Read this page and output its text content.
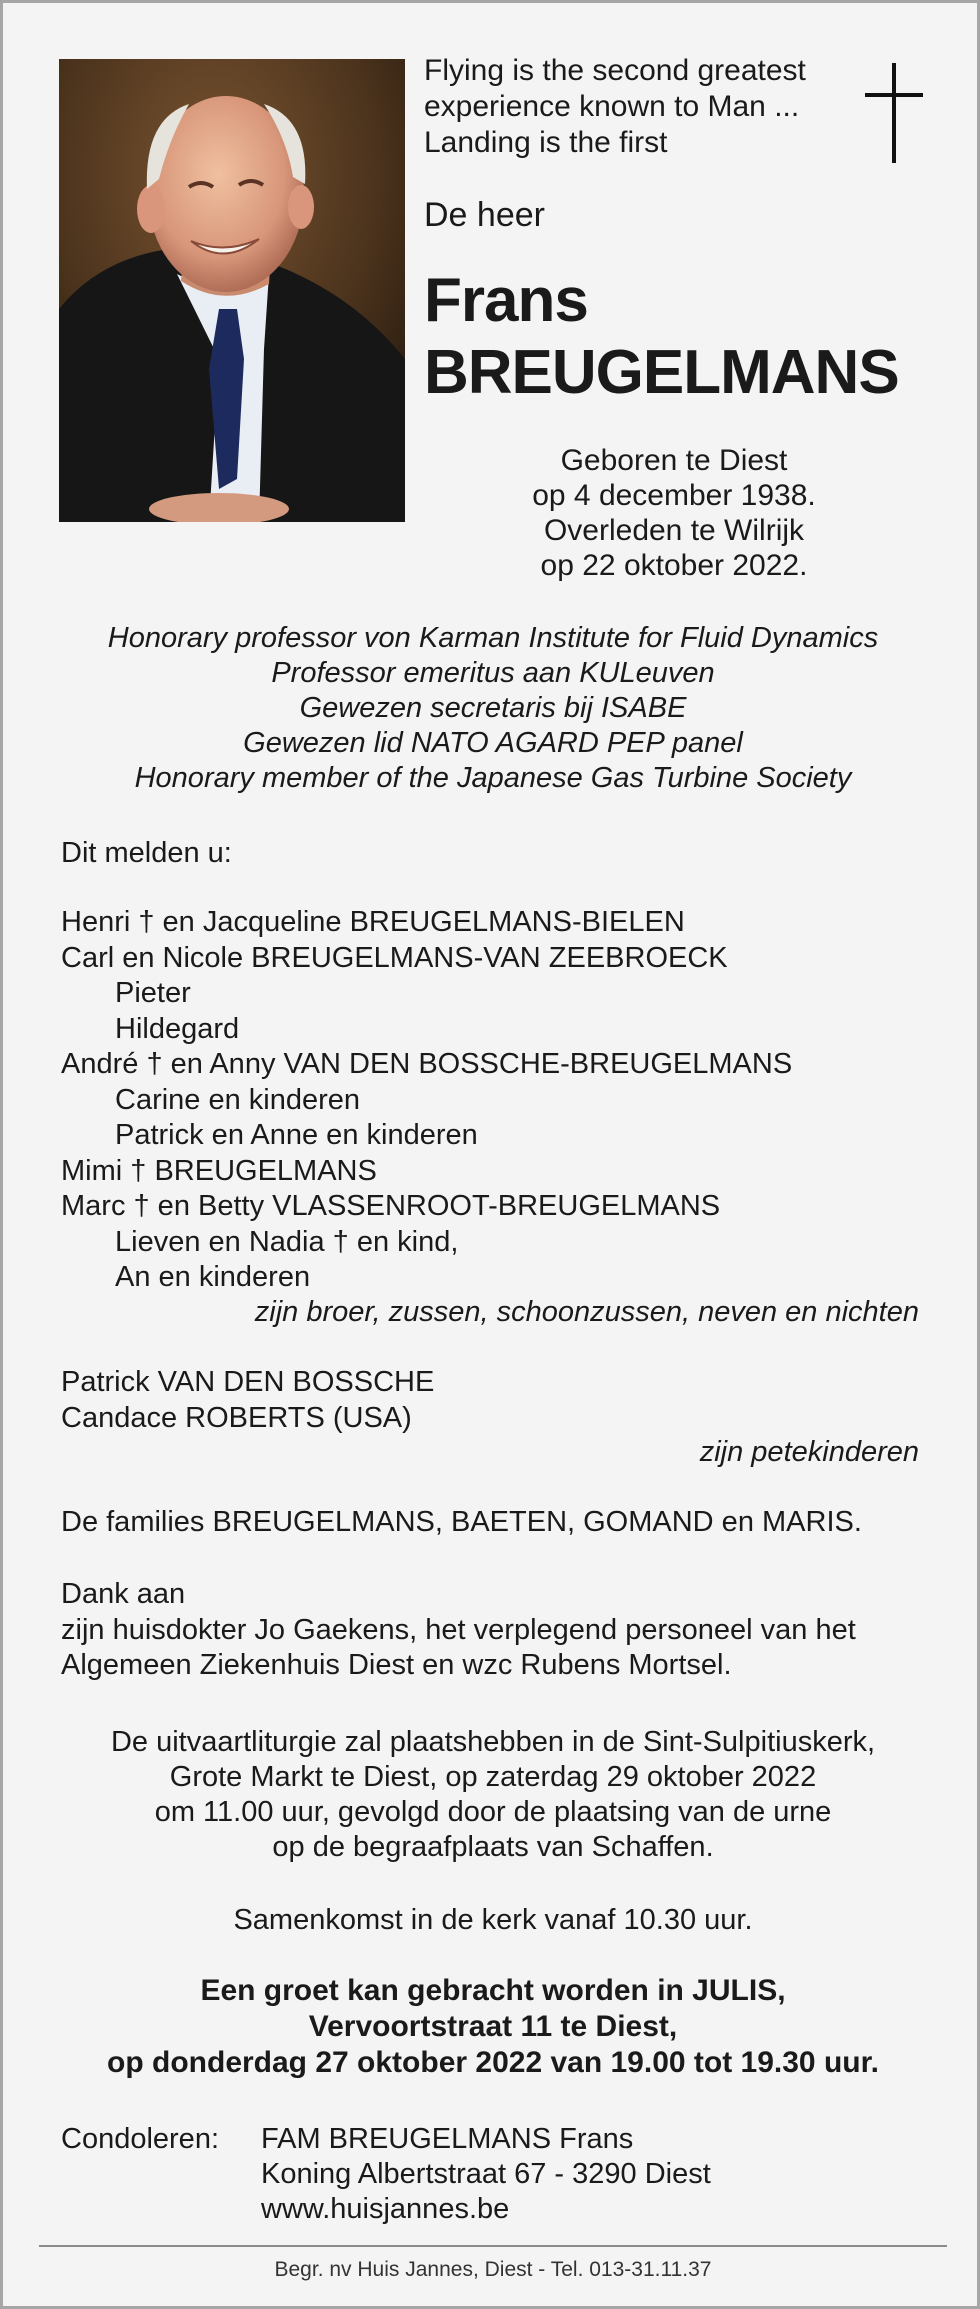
Flying is the second greatest
experience known to Man ...
Landing is the first
De heer
Frans
BREUGELMANS
Geboren te Diest
op 4 december 1938.
Overleden te Wilrijk
op 22 oktober 2022.
Honorary professor von Karman Institute for Fluid Dynamics
Professor emeritus aan KULeuven
Gewezen secretaris bij ISABE
Gewezen lid NATO AGARD PEP panel
Honorary member of the Japanese Gas Turbine Society
Dit melden u:
Henri † en Jacqueline BREUGELMANS-BIELEN
Carl en Nicole BREUGELMANS-VAN ZEEBROECK
Pieter
Hildegard
André † en Anny VAN DEN BOSSCHE-BREUGELMANS
Carine en kinderen
Patrick en Anne en kinderen
Mimi † BREUGELMANS
Marc † en Betty VLASSENROOT-BREUGELMANS
Lieven en Nadia † en kind,
An en kinderen
zijn broer, zussen, schoonzussen, neven en nichten
Patrick VAN DEN BOSSCHE
Candace ROBERTS (USA)
zijn petekinderen
De families BREUGELMANS, BAETEN, GOMAND en MARIS.
Dank aan
zijn huisdokter Jo Gaekens, het verplegend personeel van het
Algemeen Ziekenhuis Diest en wzc Rubens Mortsel.
De uitvaartliturgie zal plaatshebben in de Sint-Sulpitiuskerk,
Grote Markt te Diest, op zaterdag 29 oktober 2022
om 11.00 uur, gevolgd door de plaatsing van de urne
op de begraafplaats van Schaffen.
Samenkomst in de kerk vanaf 10.30 uur.
Een groet kan gebracht worden in JULIS,
Vervoortstraat 11 te Diest,
op donderdag 27 oktober 2022 van 19.00 tot 19.30 uur.
Condoleren: FAM BREUGELMANS Frans
Koning Albertstraat 67 - 3290 Diest
www.huisjannes.be
Begr. nv Huis Jannes, Diest - Tel. 013-31.11.37
